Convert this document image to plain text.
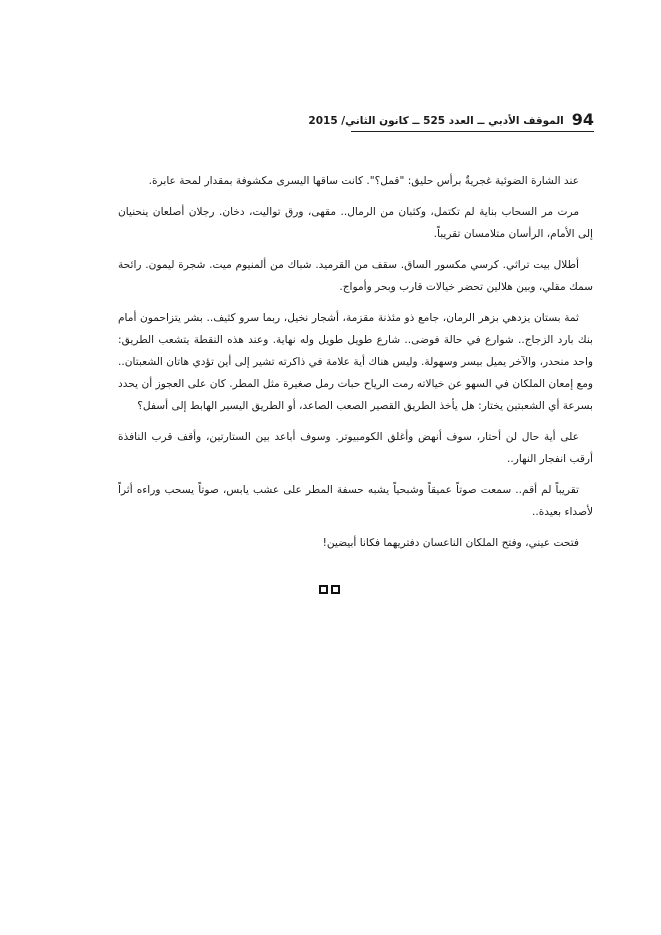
94
الموقف الأدبي ــ العدد 525 ــ كانون الثاني/ 2015

عند الشارة الضوئية غجريةٌ برأس حليق: "قمل؟". كانت ساقها اليسرى مكشوفة بمقدار لمحة عابرة.

مرت مر السحاب بناية لم تكتمل، وكثبان من الرمال.. مقهى، ورق تواليت، دخان. رجلان أصلعان ينحنيان إلى الأمام، الرأسان متلامسان تقريباً.

أطلال بيت تراثي. كرسي مكسور الساق. سقف من القرميد. شباك من ألمنيوم ميت. شجرة ليمون. رائحة سمك مقلي، وبين هلالين تحضر خيالات قارب وبحر وأمواج.

ثمة بستان يزدهي بزهر الرمان، جامع ذو مئذنة مقزمة، أشجار نخيل، ربما سرو كثيف.. بشر يتزاحمون أمام بنك بارد الزجاج.. شوارع في حالة فوضى.. شارع طويل طويل وله نهاية. وعند هذه النقطة يتشعب الطريق: واحد منحدر، والآخر يميل بيسر وسهولة. وليس هناك أية علامة في ذاكرته تشير إلى أين تؤدي هاتان الشعبتان.. ومع إمعان الملكان في السهو عن خيالاته رمت الرياح حبات رمل صغيرة مثل المطر. كان على العجوز أن يحدد بسرعة أي الشعبتين يختار: هل يأخذ الطريق القصير الصعب الصاعد، أو الطريق اليسير الهابط إلى أسفل؟

على أية حال لن أحتار، سوف أنهض وأغلق الكومبيوتر. وسوف أباعد بين الستارتين، وأقف قرب النافذة أرقب انفجار النهار..

تقريباً لم أقم.. سمعت صوتاً عميقاً وشبحياً يشبه حسفة المطر على عشب يابس، صوتاً يسحب وراءه أثراً لأصداء بعيدة..

فتحت عيني، وفتح الملكان الناعسان دفتريهما فكانا أبيضين!
